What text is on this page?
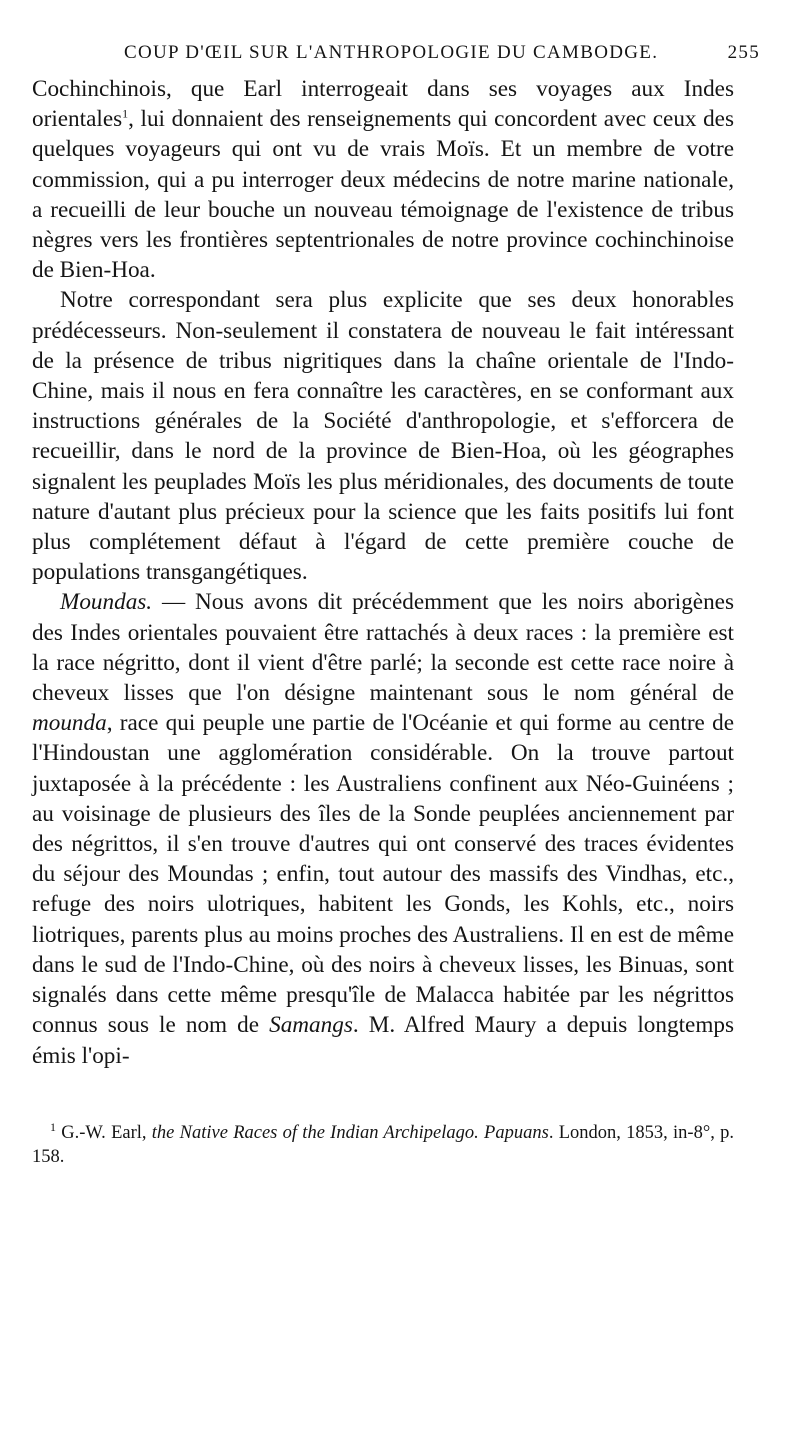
COUP D'ŒIL SUR L'ANTHROPOLOGIE DU CAMBODGE.	255

Cochinchinois, que Earl interrogeait dans ses voyages aux Indes orientales$^1$, lui donnaient des renseignements qui concordent avec ceux des quelques voyageurs qui ont vu de vrais Moïs. Et un membre de votre commission, qui a pu interroger deux médecins de notre marine nationale, a recueilli de leur bouche un nouveau témoignage de l'existence de tribus nègres vers les frontières septentrionales de notre province cochinchinoise de Bien-Hoa.

Notre correspondant sera plus explicite que ses deux honorables prédécesseurs. Non-seulement il constatera de nouveau le fait intéressant de la présence de tribus nigritiques dans la chaîne orientale de l'Indo-Chine, mais il nous en fera connaître les caractères, en se conformant aux instructions générales de la Société d'anthropologie, et s'efforcera de recueillir, dans le nord de la province de Bien-Hoa, où les géographes signalent les peuplades Moïs les plus méridionales, des documents de toute nature d'autant plus précieux pour la science que les faits positifs lui font plus complétement défaut à l'égard de cette première couche de populations transgangétiques.

Moundas. — Nous avons dit précédemment que les noirs aborigènes des Indes orientales pouvaient être rattachés à deux races : la première est la race négritto, dont il vient d'être parlé; la seconde est cette race noire à cheveux lisses que l'on désigne maintenant sous le nom général de mounda, race qui peuple une partie de l'Océanie et qui forme au centre de l'Hindoustan une agglomération considérable. On la trouve partout juxtaposée à la précédente : les Australiens confinent aux Néo-Guinéens ; au voisinage de plusieurs des îles de la Sonde peuplées anciennement par des négrittos, il s'en trouve d'autres qui ont conservé des traces évidentes du séjour des Moundas ; enfin, tout autour des massifs des Vindhas, etc., refuge des noirs ulotriques, habitent les Gonds, les Kohls, etc., noirs liotriques, parents plus au moins proches des Australiens. Il en est de même dans le sud de l'Indo-Chine, où des noirs à cheveux lisses, les Binuas, sont signalés dans cette même presqu'île de Malacca habitée par les négrittos connus sous le nom de Samangs. M. Alfred Maury a depuis longtemps émis l'opi-

$^1$ G.-W. Earl, the Native Races of the Indian Archipelago. Papuans. London, 1853, in-8°, p. 158.
